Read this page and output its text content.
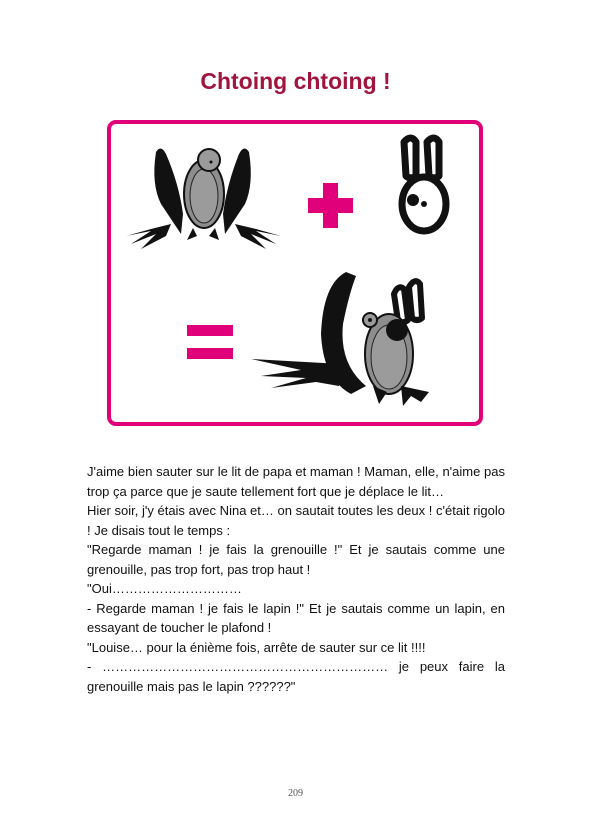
Chtoing chtoing !

J'aime bien sauter sur le lit de papa et maman ! Maman, elle, n'aime pas trop ça parce que je saute tellement fort que je déplace le lit…

Hier soir, j'y étais avec Nina et… on sautait toutes les deux ! c'était rigolo ! Je disais tout le temps :

"Regarde maman ! je fais la grenouille !" Et je sautais comme une grenouille, pas trop fort, pas trop haut !

"Oui…………………………

- Regarde maman ! je fais le lapin !" Et je sautais comme un lapin, en essayant de toucher le plafond !

"Louise… pour la énième fois, arrête de sauter sur ce lit !!!!

- ………………………………………………………… je peux faire la grenouille mais pas le lapin ??????"

209
